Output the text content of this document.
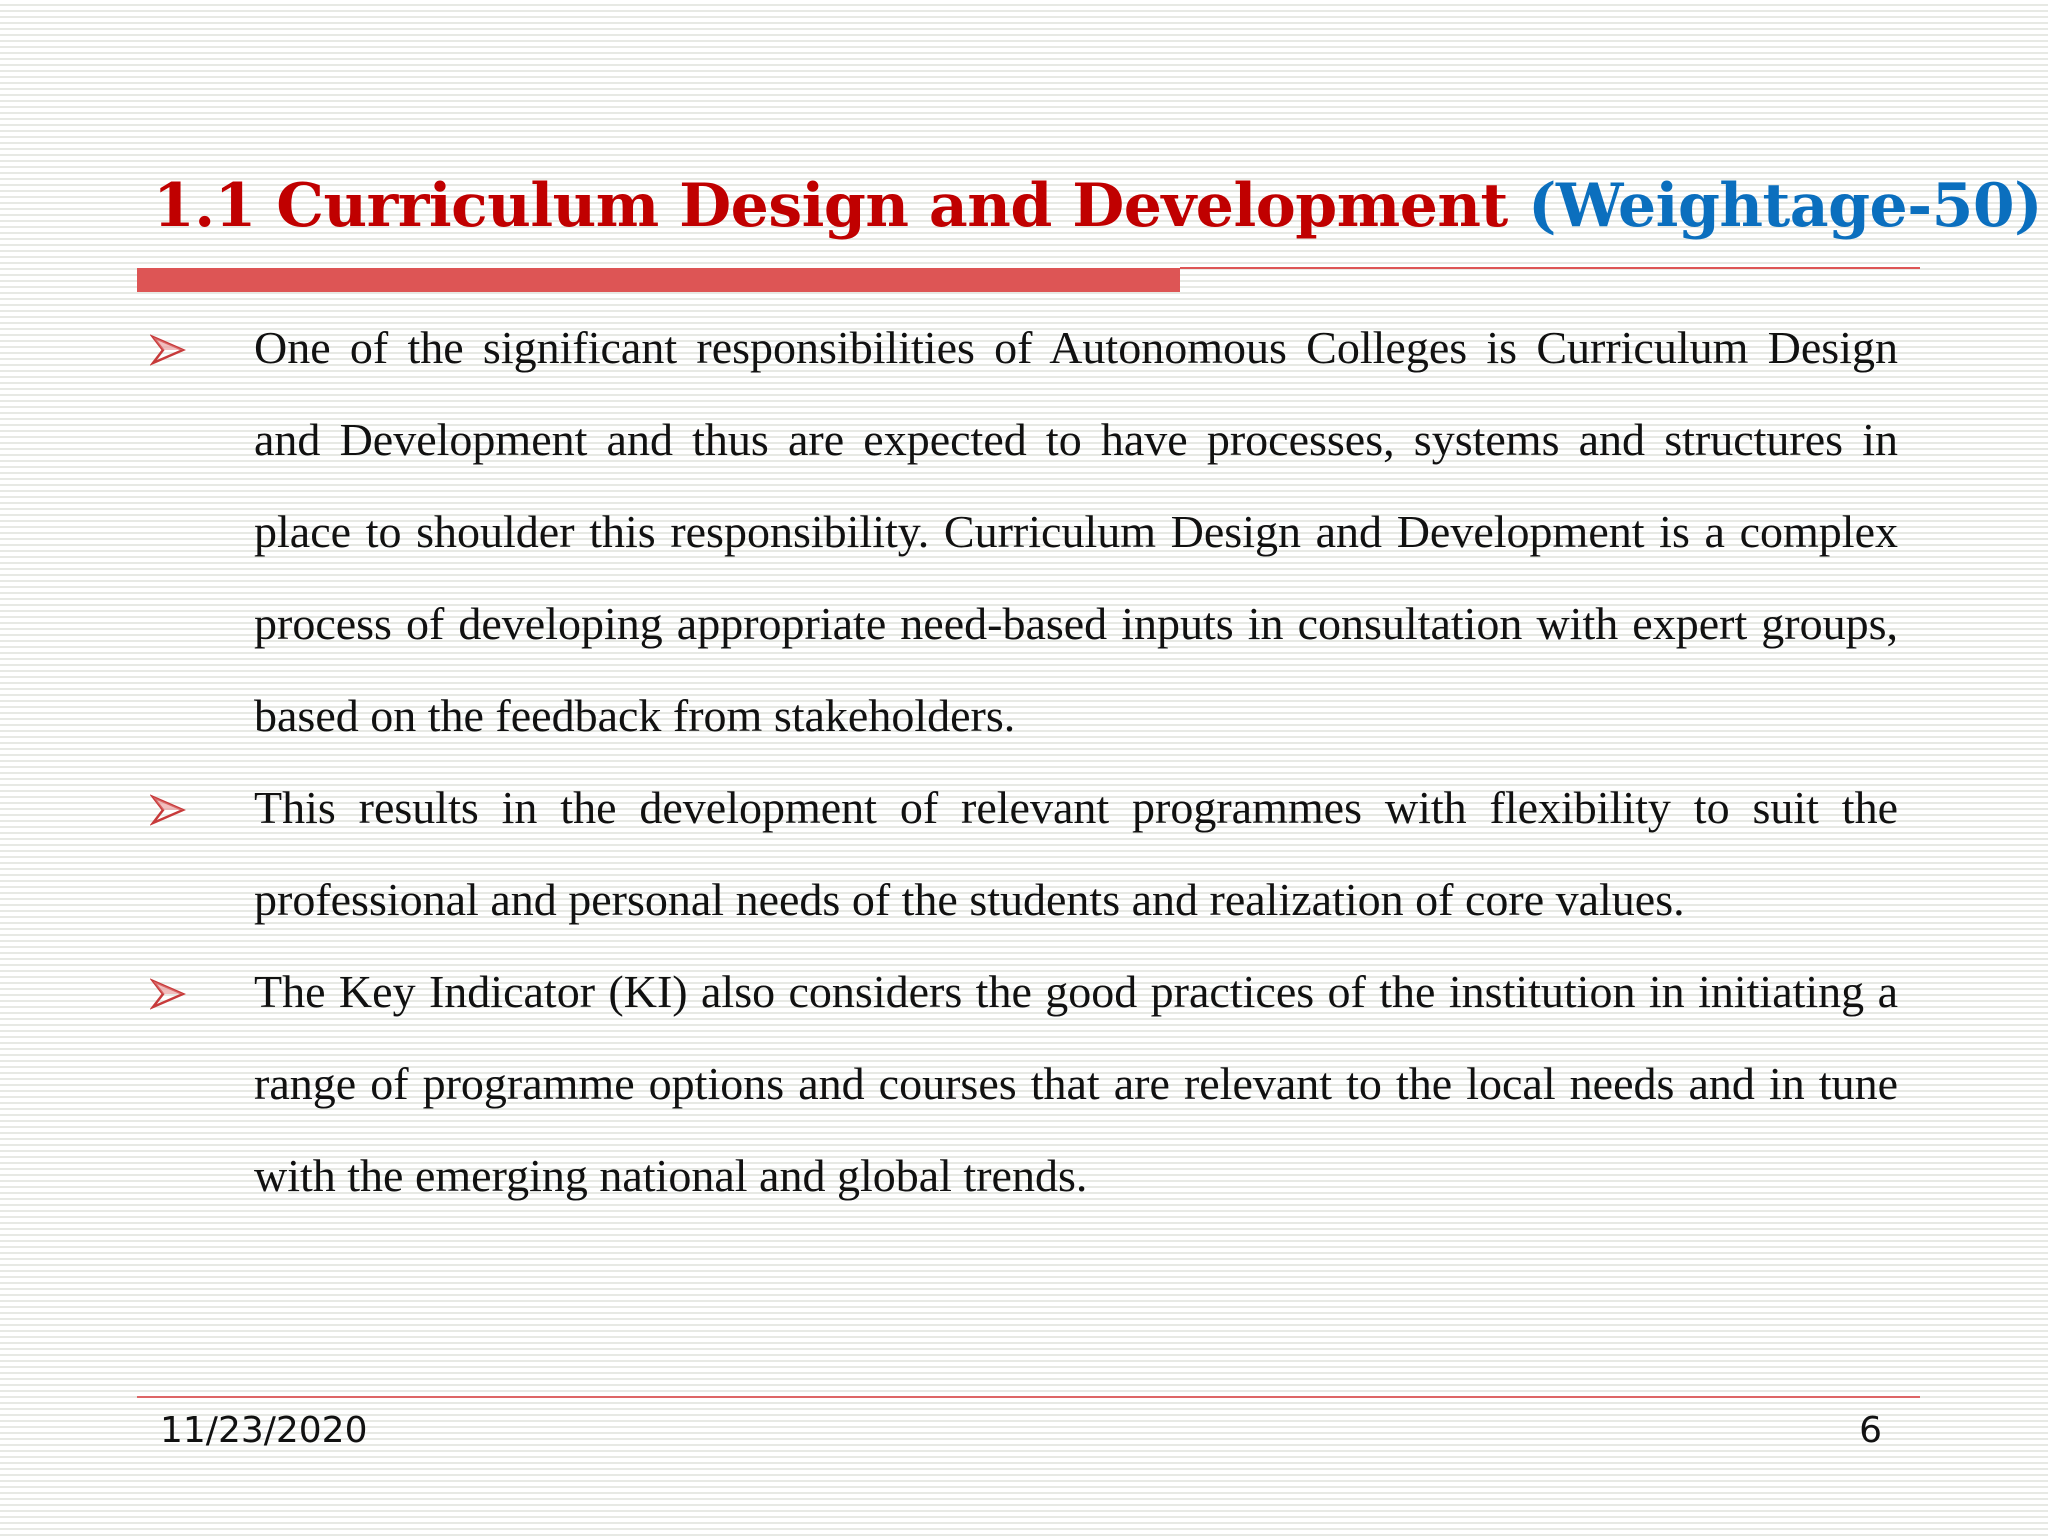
1.1 Curriculum Design and Development (Weightage-50)

One of the significant responsibilities of Autonomous Colleges is Curriculum Design and Development and thus are expected to have processes, systems and structures in place to shoulder this responsibility. Curriculum Design and Development is a complex process of developing appropriate need-based inputs in consultation with expert groups, based on the feedback from stakeholders.

This results in the development of relevant programmes with flexibility to suit the professional and personal needs of the students and realization of core values.

The Key Indicator (KI) also considers the good practices of the institution in initiating a range of programme options and courses that are relevant to the local needs and in tune with the emerging national and global trends.

11/23/2020	6
